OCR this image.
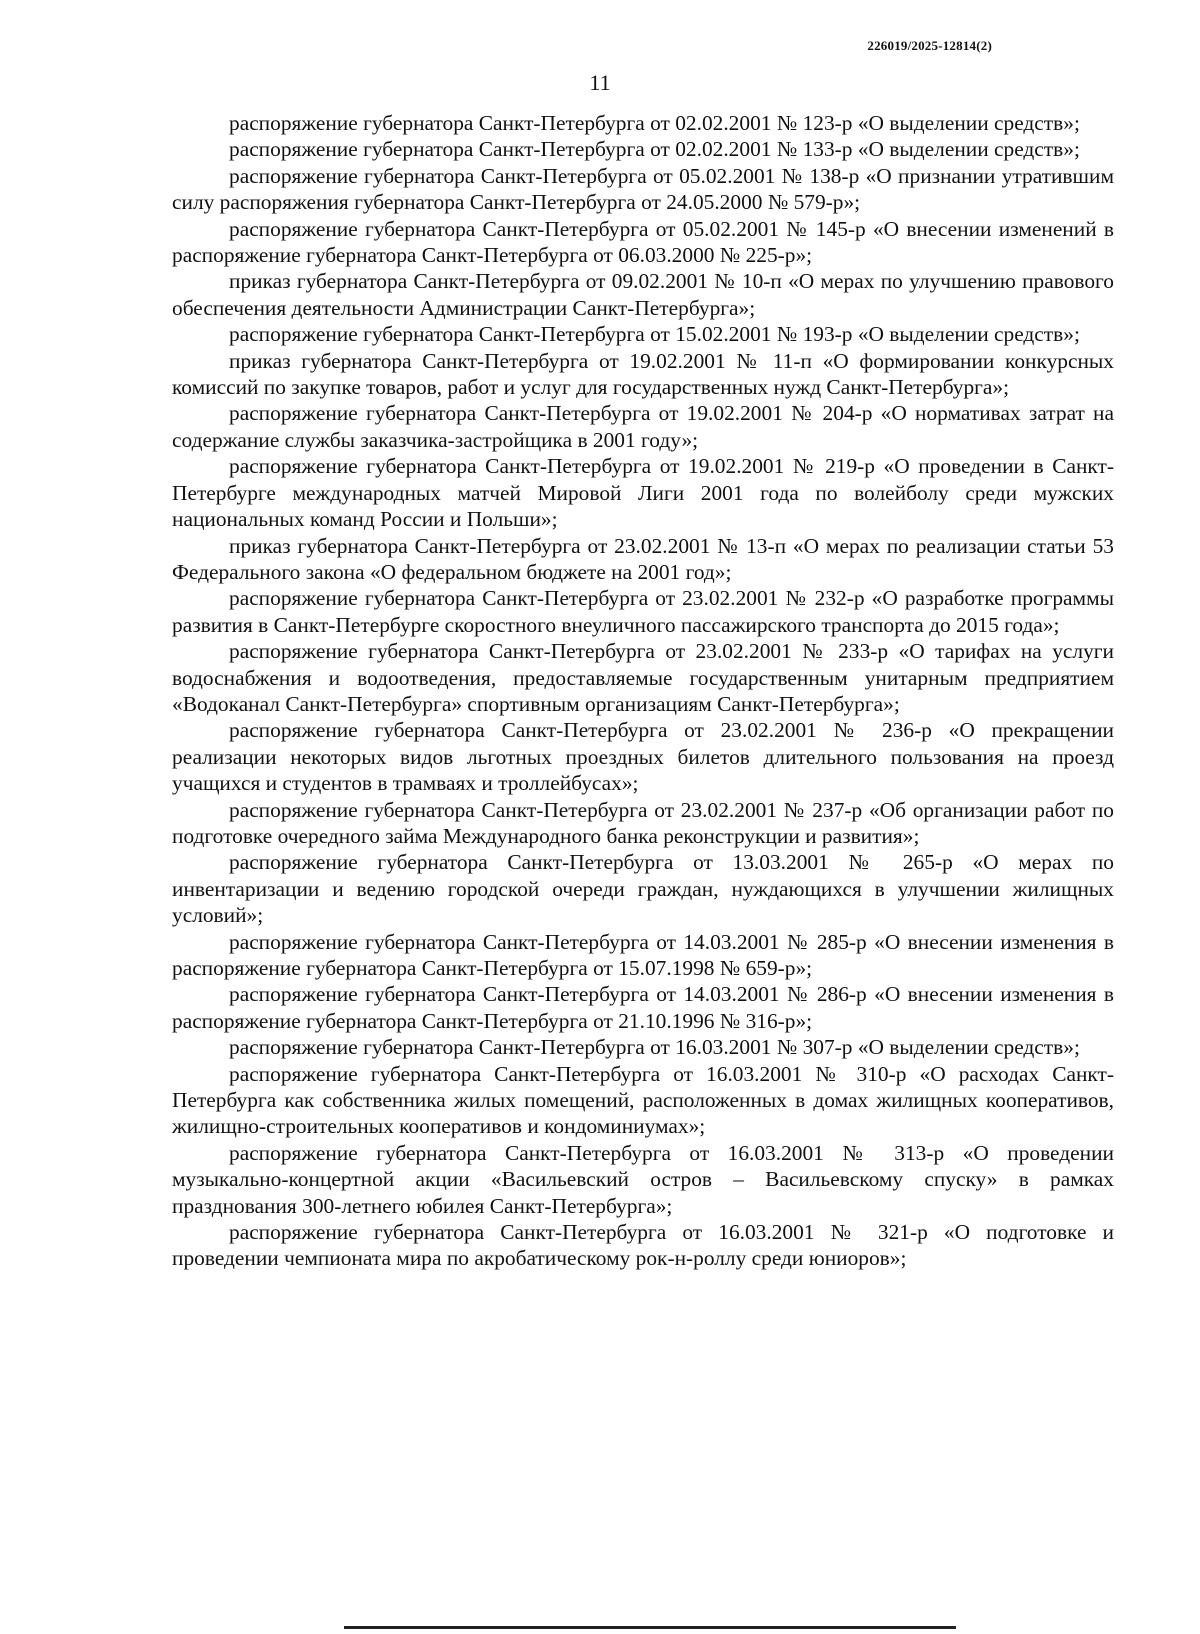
226019/2025-12814(2)
11

распоряжение губернатора Санкт-Петербурга от 02.02.2001 № 123-р «О выделении средств»;

распоряжение губернатора Санкт-Петербурга от 02.02.2001 № 133-р «О выделении средств»;

распоряжение губернатора Санкт-Петербурга от 05.02.2001 № 138-р «О признании утратившим силу распоряжения губернатора Санкт-Петербурга от 24.05.2000 № 579-р»;

распоряжение губернатора Санкт-Петербурга от 05.02.2001 № 145-р «О внесении изменений в распоряжение губернатора Санкт-Петербурга от 06.03.2000 № 225-р»;

приказ губернатора Санкт-Петербурга от 09.02.2001 № 10-п «О мерах по улучшению правового обеспечения деятельности Администрации Санкт-Петербурга»;

распоряжение губернатора Санкт-Петербурга от 15.02.2001 № 193-р «О выделении средств»;

приказ губернатора Санкт-Петербурга от 19.02.2001 № 11-п «О формировании конкурсных комиссий по закупке товаров, работ и услуг для государственных нужд Санкт-Петербурга»;

распоряжение губернатора Санкт-Петербурга от 19.02.2001 № 204-р «О нормативах затрат на содержание службы заказчика-застройщика в 2001 году»;

распоряжение губернатора Санкт-Петербурга от 19.02.2001 № 219-р «О проведении в Санкт-Петербурге международных матчей Мировой Лиги 2001 года по волейболу среди мужских национальных команд России и Польши»;

приказ губернатора Санкт-Петербурга от 23.02.2001 № 13-п «О мерах по реализации статьи 53 Федерального закона «О федеральном бюджете на 2001 год»;

распоряжение губернатора Санкт-Петербурга от 23.02.2001 № 232-р «О разработке программы развития в Санкт-Петербурге скоростного внеуличного пассажирского транспорта до 2015 года»;

распоряжение губернатора Санкт-Петербурга от 23.02.2001 № 233-р «О тарифах на услуги водоснабжения и водоотведения, предоставляемые государственным унитарным предприятием «Водоканал Санкт-Петербурга» спортивным организациям Санкт-Петербурга»;

распоряжение губернатора Санкт-Петербурга от 23.02.2001 № 236-р «О прекращении реализации некоторых видов льготных проездных билетов длительного пользования на проезд учащихся и студентов в трамваях и троллейбусах»;

распоряжение губернатора Санкт-Петербурга от 23.02.2001 № 237-р «Об организации работ по подготовке очередного займа Международного банка реконструкции и развития»;

распоряжение губернатора Санкт-Петербурга от 13.03.2001 № 265-р «О мерах по инвентаризации и ведению городской очереди граждан, нуждающихся в улучшении жилищных условий»;

распоряжение губернатора Санкт-Петербурга от 14.03.2001 № 285-р «О внесении изменения в распоряжение губернатора Санкт-Петербурга от 15.07.1998 № 659-р»;

распоряжение губернатора Санкт-Петербурга от 14.03.2001 № 286-р «О внесении изменения в распоряжение губернатора Санкт-Петербурга от 21.10.1996 № 316-р»;

распоряжение губернатора Санкт-Петербурга от 16.03.2001 № 307-р «О выделении средств»;

распоряжение губернатора Санкт-Петербурга от 16.03.2001 № 310-р «О расходах Санкт-Петербурга как собственника жилых помещений, расположенных в домах жилищных кооперативов, жилищно-строительных кооперативов и кондоминиумах»;

распоряжение губернатора Санкт-Петербурга от 16.03.2001 № 313-р «О проведении музыкально-концертной акции «Васильевский остров – Васильевскому спуску» в рамках празднования 300-летнего юбилея Санкт-Петербурга»;

распоряжение губернатора Санкт-Петербурга от 16.03.2001 № 321-р «О подготовке и проведении чемпионата мира по акробатическому рок-н-роллу среди юниоров»;
